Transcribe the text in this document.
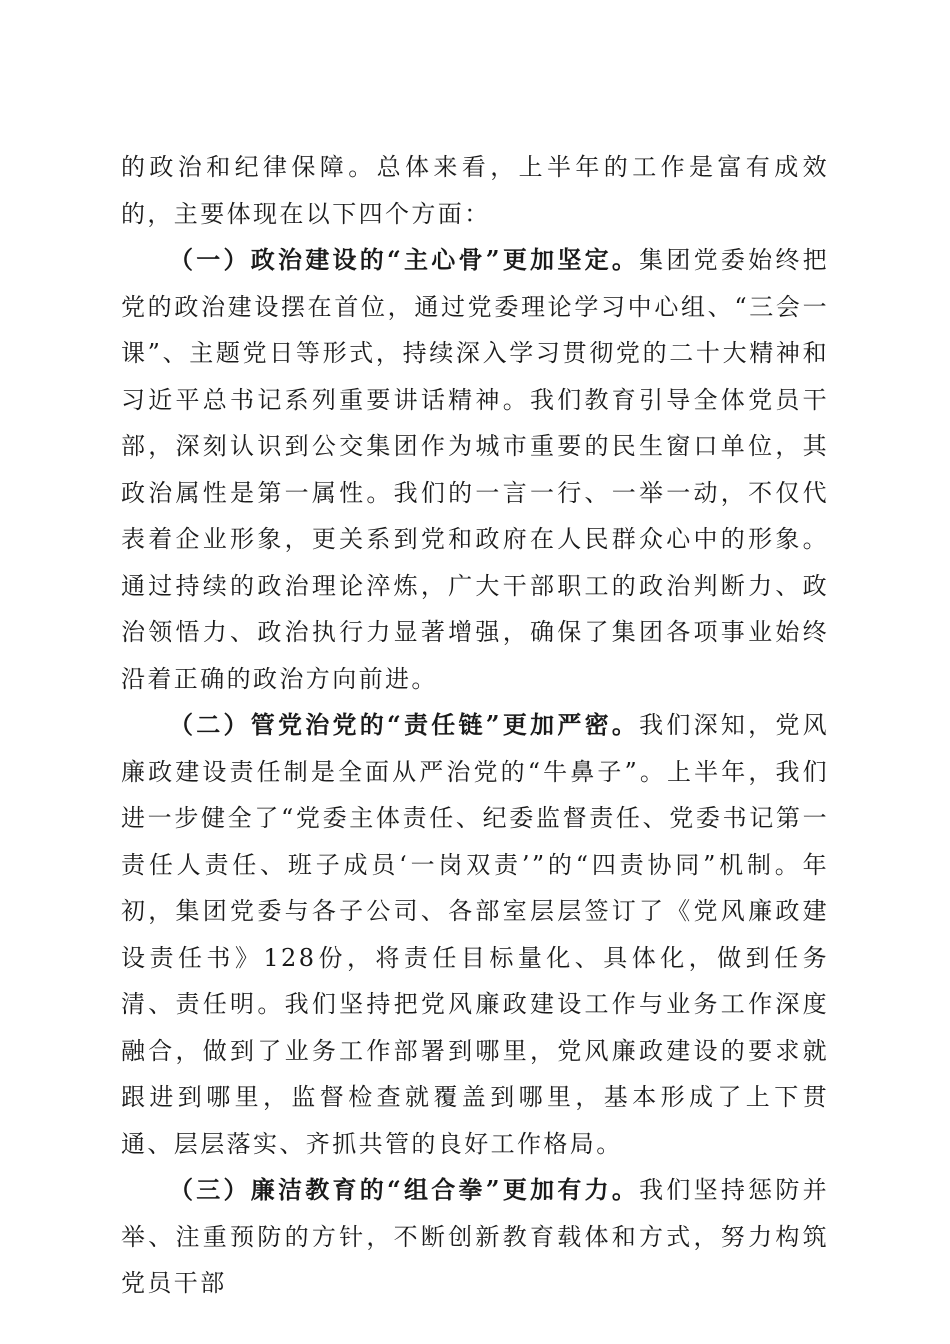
的政治和纪律保障。总体来看，上半年的工作是富有成效的，主要体现在以下四个方面：

（一）政治建设的“主心骨”更加坚定。集团党委始终把党的政治建设摆在首位，通过党委理论学习中心组、“三会一课”、主题党日等形式，持续深入学习贯彻党的二十大精神和习近平总书记系列重要讲话精神。我们教育引导全体党员干部，深刻认识到公交集团作为城市重要的民生窗口单位，其政治属性是第一属性。我们的一言一行、一举一动，不仅代表着企业形象，更关系到党和政府在人民群众心中的形象。通过持续的政治理论淬炼，广大干部职工的政治判断力、政治领悟力、政治执行力显著增强，确保了集团各项事业始终沿着正确的政治方向前进。

（二）管党治党的“责任链”更加严密。我们深知，党风廉政建设责任制是全面从严治党的“牛鼻子”。上半年，我们进一步健全了“党委主体责任、纪委监督责任、党委书记第一责任人责任、班子成员‘一岗双责’”的“四责协同”机制。年初，集团党委与各子公司、各部室层层签订了《党风廉政建设责任书》128份，将责任目标量化、具体化，做到任务清、责任明。我们坚持把党风廉政建设工作与业务工作深度融合，做到了业务工作部署到哪里，党风廉政建设的要求就跟进到哪里，监督检查就覆盖到哪里，基本形成了上下贯通、层层落实、齐抓共管的良好工作格局。

（三）廉洁教育的“组合拳”更加有力。我们坚持惩防并举、注重预防的方针，不断创新教育载体和方式，努力构筑党员干部
